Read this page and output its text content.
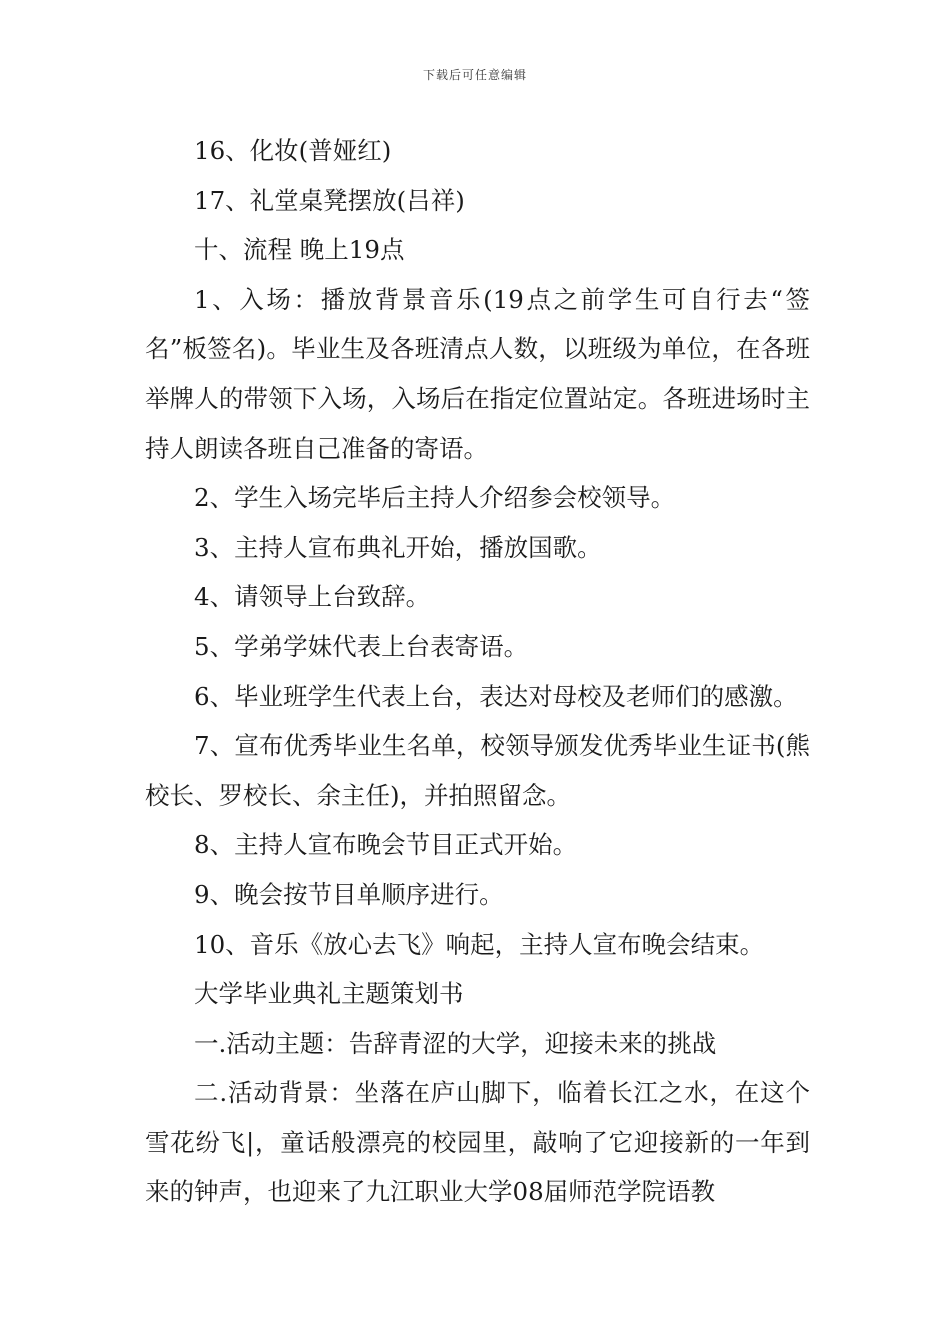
下载后可任意编辑

16、化妆(普娅红)

17、礼堂桌凳摆放(吕祥)

十、流程 晚上19点

1、入场：播放背景音乐(19点之前学生可自行去“签名”板签名)。毕业生及各班清点人数，以班级为单位，在各班举牌人的带领下入场，入场后在指定位置站定。各班进场时主持人朗读各班自己准备的寄语。

2、学生入场完毕后主持人介绍参会校领导。

3、主持人宣布典礼开始，播放国歌。

4、请领导上台致辞。

5、学弟学妹代表上台表寄语。

6、毕业班学生代表上台，表达对母校及老师们的感激。

7、宣布优秀毕业生名单，校领导颁发优秀毕业生证书(熊校长、罗校长、余主任)，并拍照留念。

8、主持人宣布晚会节目正式开始。

9、晚会按节目单顺序进行。

10、音乐《放心去飞》响起，主持人宣布晚会结束。

大学毕业典礼主题策划书

一.活动主题：告辞青涩的大学，迎接未来的挑战

二.活动背景：坐落在庐山脚下，临着长江之水，在这个雪花纷飞|，童话般漂亮的校园里，敲响了它迎接新的一年到来的钟声，也迎来了九江职业大学08届师范学院语教
